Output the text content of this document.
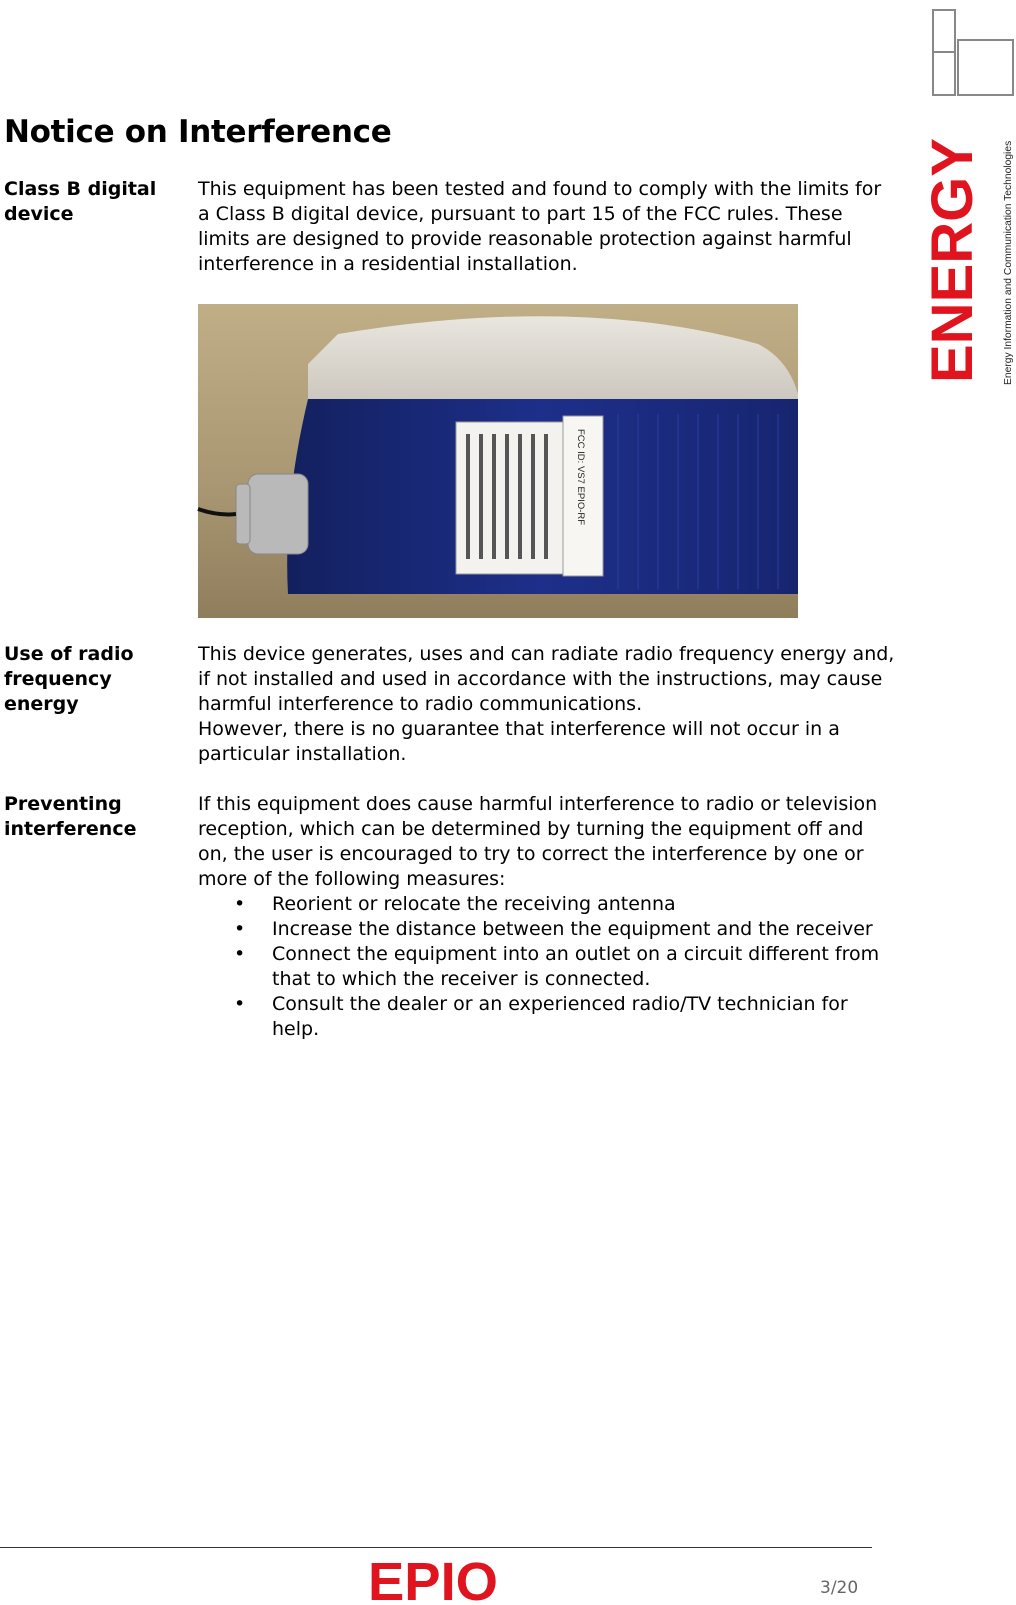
ENERGY Energy Information and Communication Technologies
Notice on Interference
Class B digital device

This equipment has been tested and found to comply with the limits for a Class B digital device, pursuant to part 15 of the FCC rules. These limits are designed to provide reasonable protection against harmful interference in a residential installation.

FCC ID: VS7 EPIO-RF
Use of radio frequency energy

This device generates, uses and can radiate radio frequency energy and, if not installed and used in accordance with the instructions, may cause harmful interference to radio communications.

However, there is no guarantee that interference will not occur in a particular installation.

Preventing interference

If this equipment does cause harmful interference to radio or television reception, which can be determined by turning the equipment off and on, the user is encouraged to try to correct the interference by one or more of the following measures:

• Reorient or relocate the receiving antenna
• Increase the distance between the equipment and the receiver
• Connect the equipment into an outlet on a circuit different from that to which the receiver is connected.
• Consult the dealer or an experienced radio/TV technician for help.
EPIO	3/20
